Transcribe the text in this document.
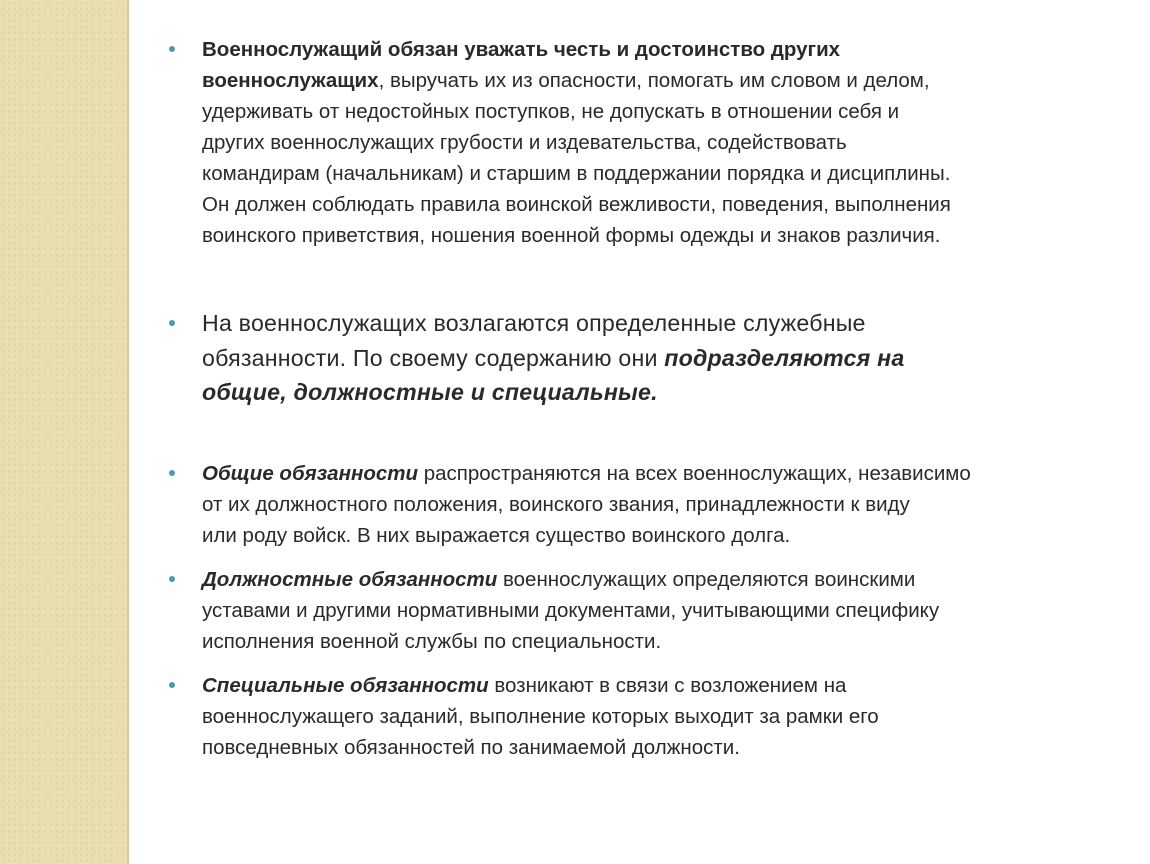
Военнослужащий обязан уважать честь и достоинство других
военнослужащих, выручать их из опасности, помогать им словом и делом,
удерживать от недостойных поступков, не допускать в отношении себя и
других военнослужащих грубости и издевательства, содействовать
командирам (начальникам) и старшим в поддержании порядка и дисциплины.
Он должен соблюдать правила воинской вежливости, поведения, выполнения
воинского приветствия, ношения военной формы одежды и знаков различия.

На военнослужащих возлагаются определенные служебные
обязанности. По своему содержанию они подразделяются на
общие, должностные и специальные.

Общие обязанности распространяются на всех военнослужащих, независимо
от их должностного положения, воинского звания, принадлежности к виду
или роду войск. В них выражается существо воинского долга.

Должностные обязанности военнослужащих определяются воинскими
уставами и другими нормативными документами, учитывающими специфику
исполнения военной службы по специальности.

Специальные обязанности возникают в связи с возложением на
военнослужащего заданий, выполнение которых выходит за рамки его
повседневных обязанностей по занимаемой должности.
